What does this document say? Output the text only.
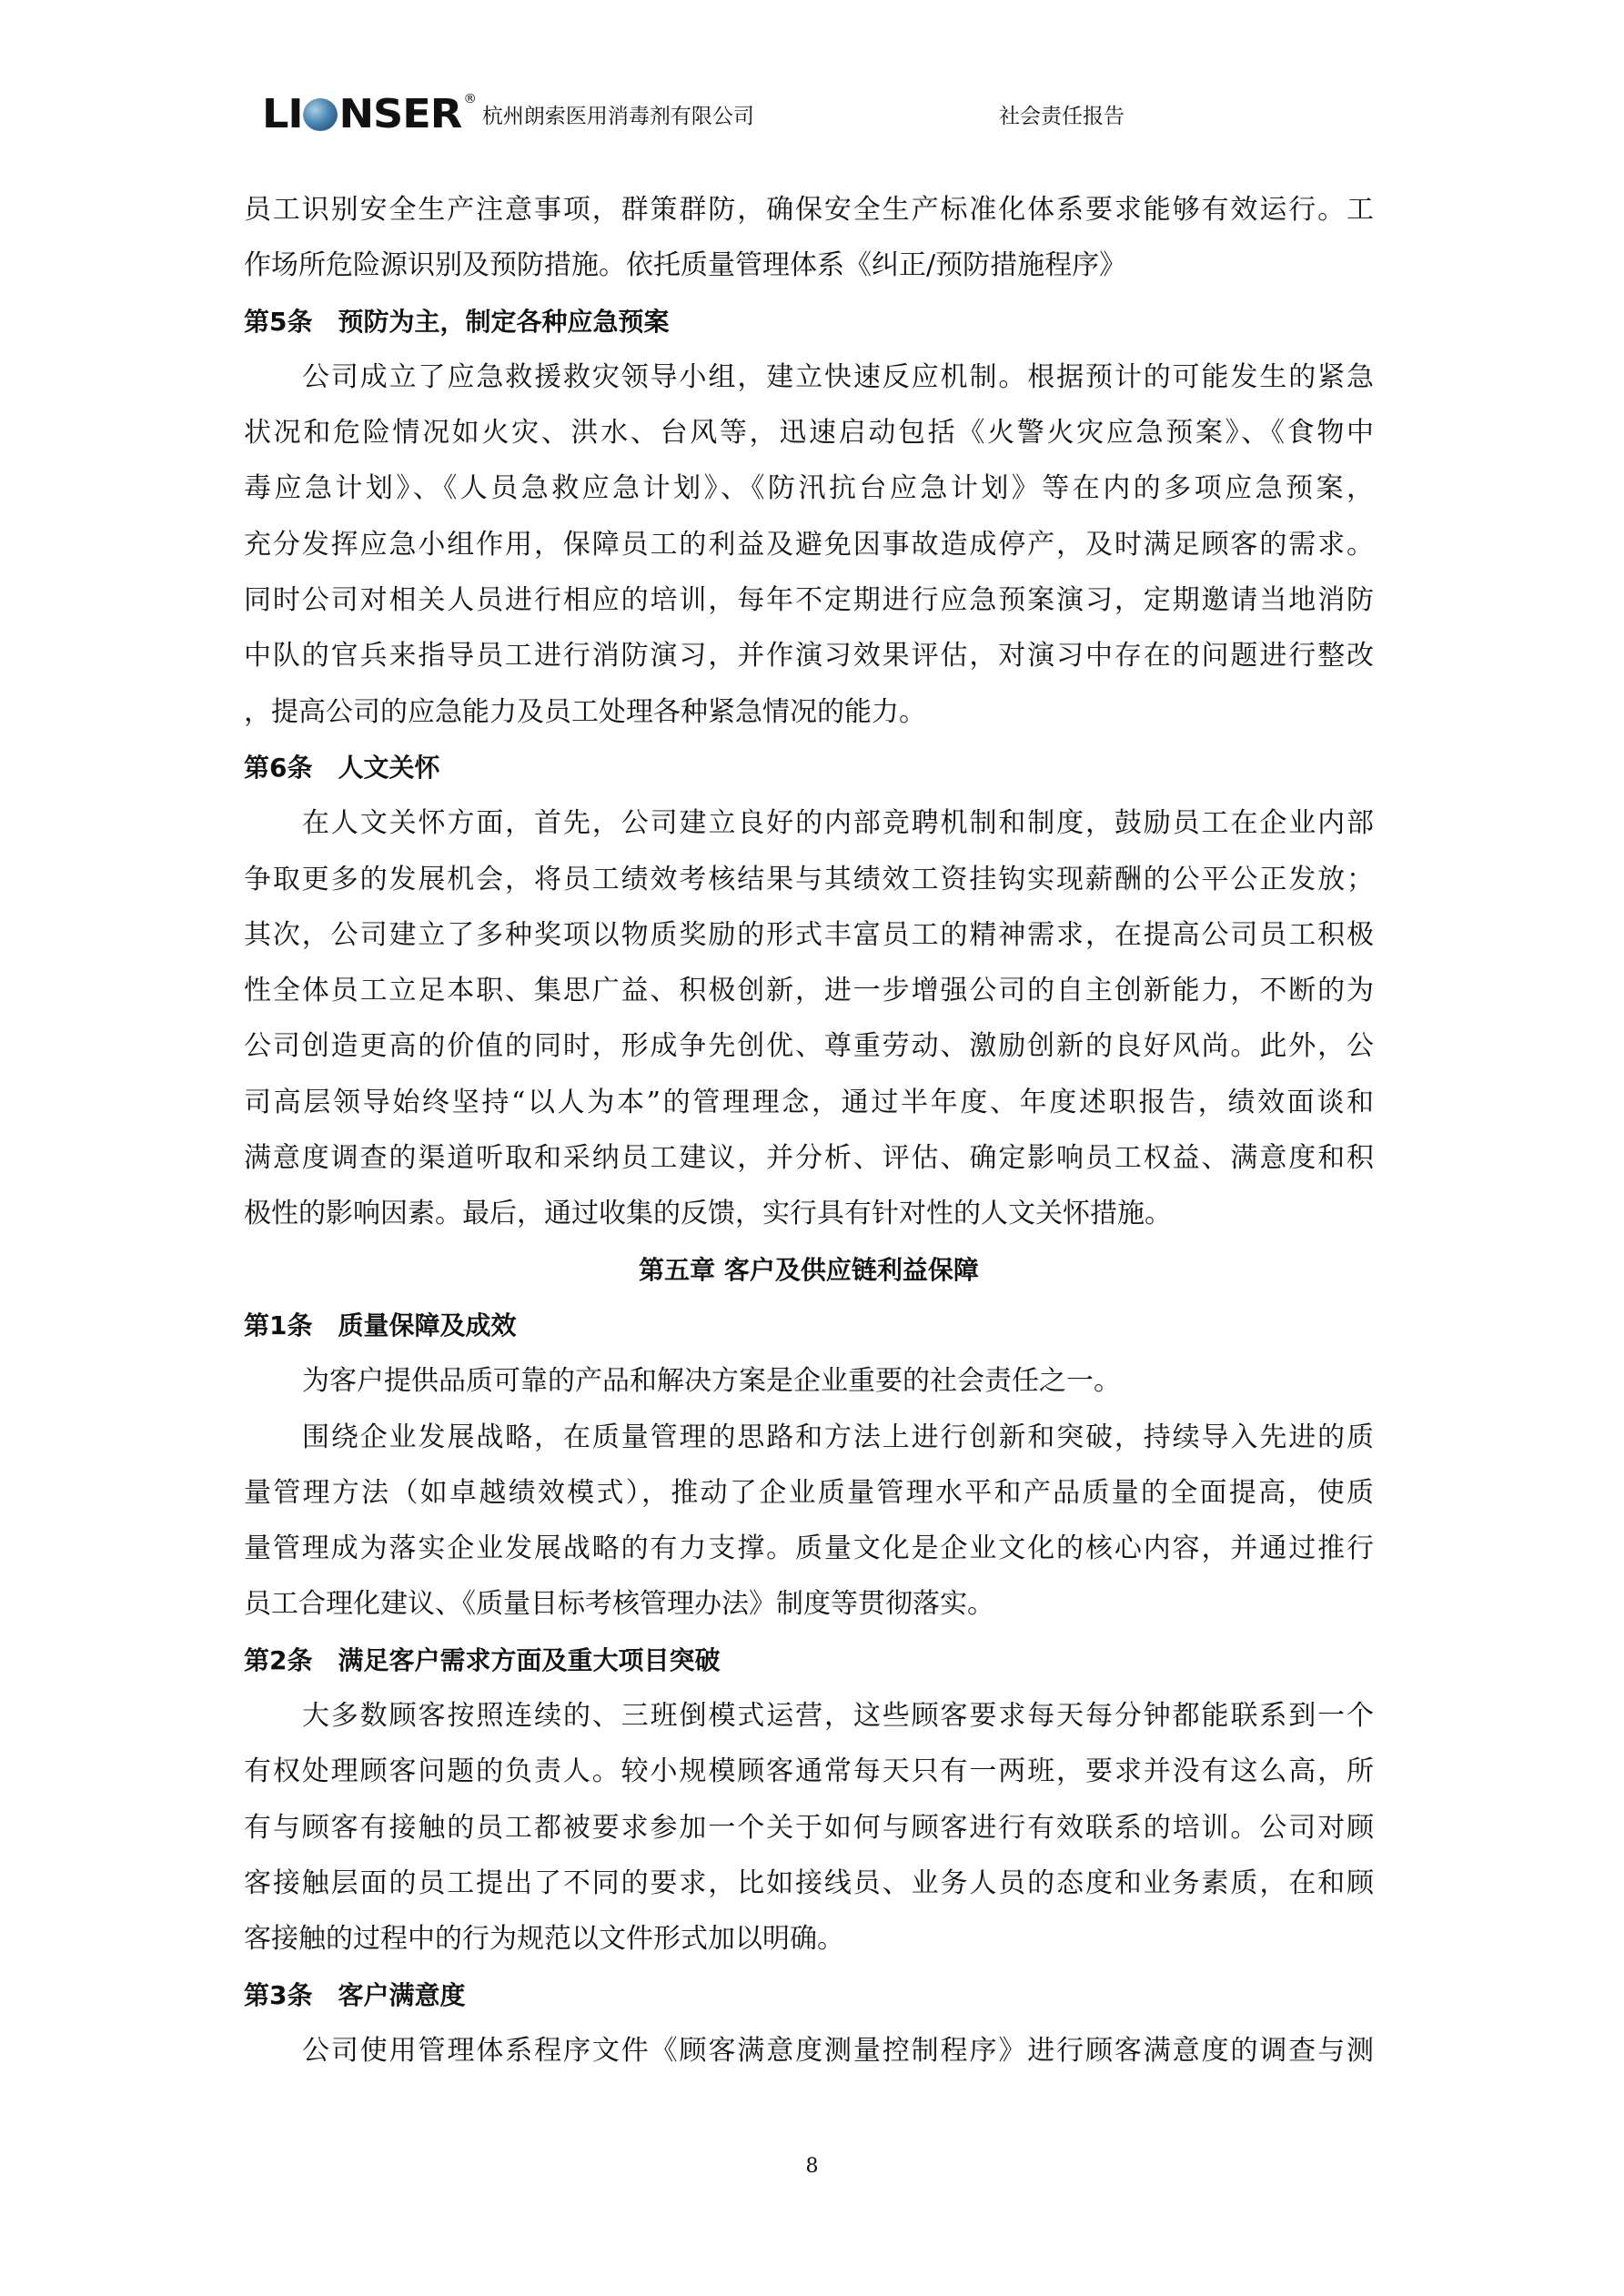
LI NSER ®
杭州朗索医用消毒剂有限公司	社会责任报告

员工识别安全生产注意事项，群策群防，确保安全生产标准化体系要求能够有效运行。工

作场所危险源识别及预防措施。依托质量管理体系《纠正/预防措施程序》

第5条 预防为主，制定各种应急预案

公司成立了应急救援救灾领导小组，建立快速反应机制。根据预计的可能发生的紧急

状况和危险情况如火灾、洪水、台风等，迅速启动包括《火警火灾应急预案》、《食物中

毒应急计划》、《人员急救应急计划》、《防汛抗台应急计划》等在内的多项应急预案，

充分发挥应急小组作用，保障员工的利益及避免因事故造成停产，及时满足顾客的需求。

同时公司对相关人员进行相应的培训，每年不定期进行应急预案演习，定期邀请当地消防

中队的官兵来指导员工进行消防演习，并作演习效果评估，对演习中存在的问题进行整改

，提高公司的应急能力及员工处理各种紧急情况的能力。

第6条 人文关怀

在人文关怀方面，首先，公司建立良好的内部竞聘机制和制度，鼓励员工在企业内部

争取更多的发展机会，将员工绩效考核结果与其绩效工资挂钩实现薪酬的公平公正发放；

其次，公司建立了多种奖项以物质奖励的形式丰富员工的精神需求，在提高公司员工积极

性全体员工立足本职、集思广益、积极创新，进一步增强公司的自主创新能力，不断的为

公司创造更高的价值的同时，形成争先创优、尊重劳动、激励创新的良好风尚。此外，公

司高层领导始终坚持“以人为本”的管理理念，通过半年度、年度述职报告，绩效面谈和

满意度调查的渠道听取和采纳员工建议，并分析、评估、确定影响员工权益、满意度和积

极性的影响因素。最后，通过收集的反馈，实行具有针对性的人文关怀措施。

第五章 客户及供应链利益保障

第1条 质量保障及成效

为客户提供品质可靠的产品和解决方案是企业重要的社会责任之一。

围绕企业发展战略，在质量管理的思路和方法上进行创新和突破，持续导入先进的质

量管理方法（如卓越绩效模式），推动了企业质量管理水平和产品质量的全面提高，使质

量管理成为落实企业发展战略的有力支撑。质量文化是企业文化的核心内容，并通过推行

员工合理化建议、《质量目标考核管理办法》制度等贯彻落实。

第2条 满足客户需求方面及重大项目突破

大多数顾客按照连续的、三班倒模式运营，这些顾客要求每天每分钟都能联系到一个

有权处理顾客问题的负责人。较小规模顾客通常每天只有一两班，要求并没有这么高，所

有与顾客有接触的员工都被要求参加一个关于如何与顾客进行有效联系的培训。公司对顾

客接触层面的员工提出了不同的要求，比如接线员、业务人员的态度和业务素质，在和顾

客接触的过程中的行为规范以文件形式加以明确。

第3条 客户满意度

公司使用管理体系程序文件《顾客满意度测量控制程序》进行顾客满意度的调查与测

8
